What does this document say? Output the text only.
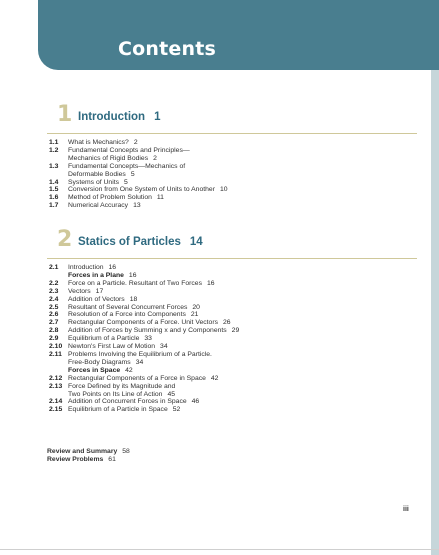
Contents
1 Introduction 1
1.1	What is Mechanics? 2
1.2	Fundamental Concepts and Principles—
Mechanics of Rigid Bodies 2
1.3	Fundamental Concepts—Mechanics of
Deformable Bodies 5
1.4	Systems of Units 5
1.5	Conversion from One System of Units to Another 10
1.6	Method of Problem Solution 11
1.7	Numerical Accuracy 13
2 Statics of Particles 14
2.1	Introduction 16
Forces in a Plane 16
2.2	Force on a Particle. Resultant of Two Forces 16
2.3	Vectors 17
2.4	Addition of Vectors 18
2.5	Resultant of Several Concurrent Forces 20
2.6	Resolution of a Force into Components 21
2.7	Rectangular Components of a Force. Unit Vectors 26
2.8	Addition of Forces by Summing x and y Components 29
2.9	Equilibrium of a Particle 33
2.10 Newton's First Law of Motion 34
2.11 Problems Involving the Equilibrium of a Particle.
Free-Body Diagrams 34
Forces in Space 42
2.12 Rectangular Components of a Force in Space 42
2.13 Force Defined by its Magnitude and
Two Points on Its Line of Action 45
2.14 Addition of Concurrent Forces in Space 46
2.15 Equilibrium of a Particle in Space 52
Review and Summary 58
Review Problems 61
iii
